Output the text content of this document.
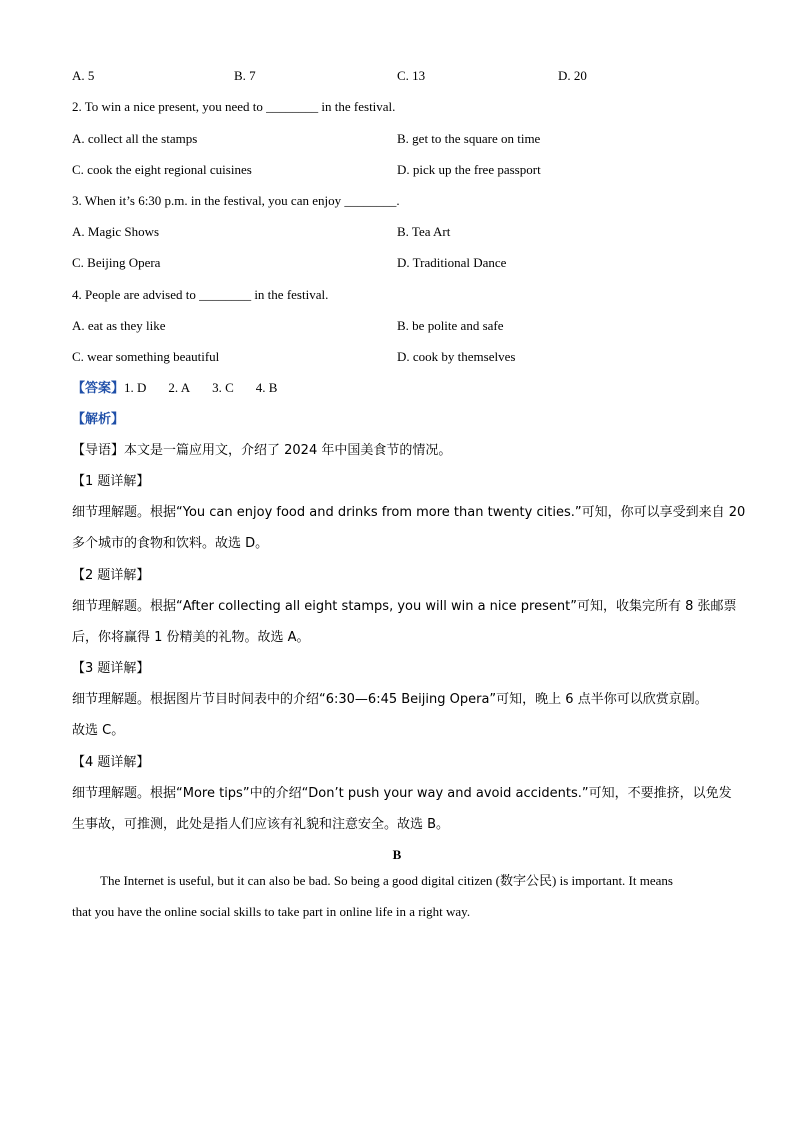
A. 5	B. 7	C. 13	D. 20
2. To win a nice present, you need to ________ in the festival.
A. collect all the stamps	B. get to the square on time
C. cook the eight regional cuisines	D. pick up the free passport
3. When it’s 6:30 p.m. in the festival, you can enjoy ________.
A. Magic Shows	B. Tea Art
C. Beijing Opera	D. Traditional Dance
4. People are advised to ________ in the festival.
A. eat as they like	B. be polite and safe
C. wear something beautiful	D. cook by themselves
【答案】1. D 2. A 3. C 4. B
【解析】
【导语】本文是一篇应用文，介绍了 2024 年中国美食节的情况。
【1 题详解】
细节理解题。根据“You can enjoy food and drinks from more than twenty cities.”可知，你可以享受到来自 20
多个城市的食物和饮料。故选 D。
【2 题详解】
细节理解题。根据“After collecting all eight stamps, you will win a nice present”可知，收集完所有 8 张邮票
后，你将赢得 1 份精美的礼物。故选 A。
【3 题详解】
细节理解题。根据图片节目时间表中的介绍“6:30—6:45 Beijing Opera”可知，晚上 6 点半你可以欣赏京剧。
故选 C。
【4 题详解】
细节理解题。根据“More tips”中的介绍“Don’t push your way and avoid accidents.”可知，不要推挤，以免发
生事故，可推测，此处是指人们应该有礼貌和注意安全。故选 B。
B
The Internet is useful, but it can also be bad. So being a good digital citizen (数字公民) is important. It means
that you have the online social skills to take part in online life in a right way.
